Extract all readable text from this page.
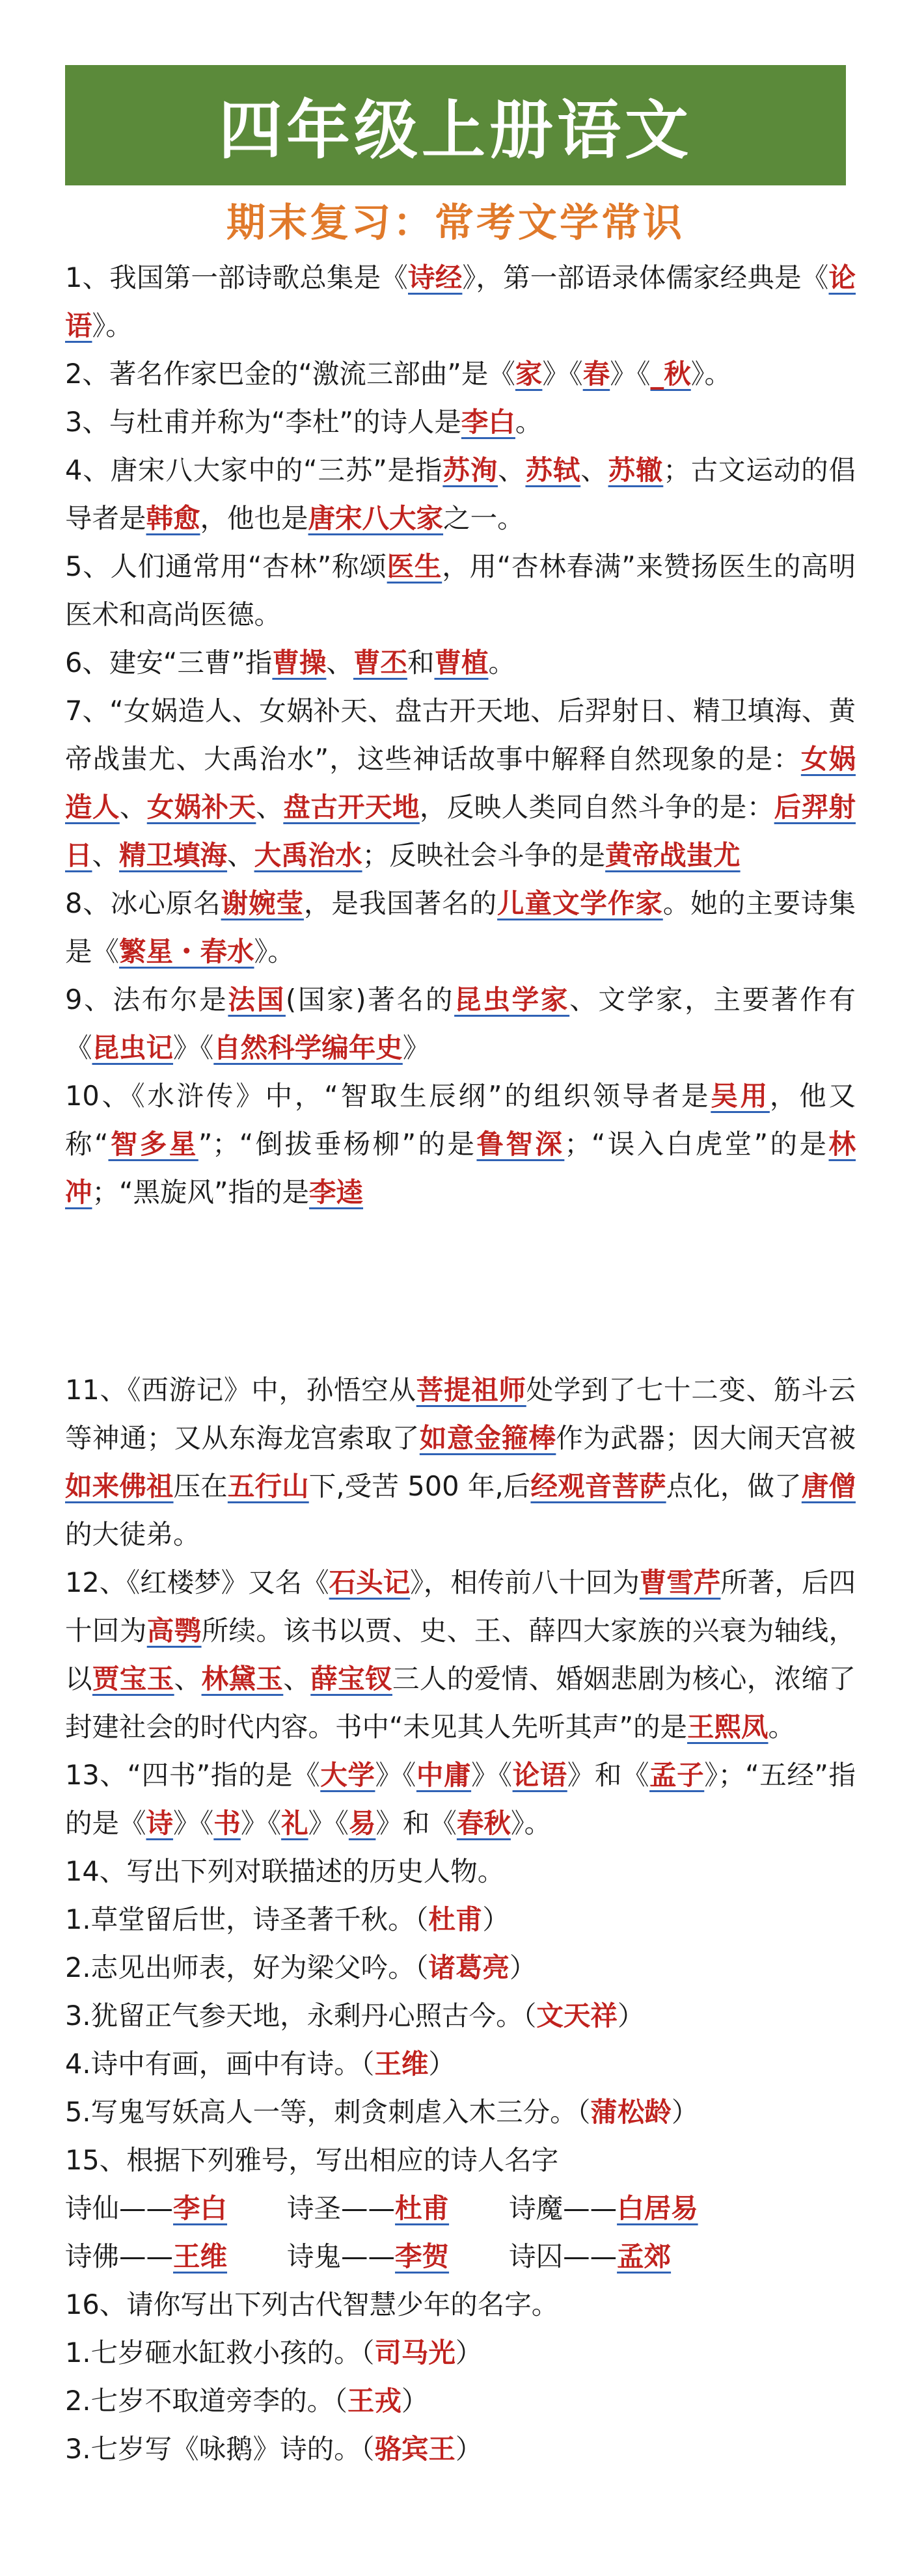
四年级上册语文
期末复习：常考文学常识

1、我国第一部诗歌总集是《诗经》，第一部语录体儒家经典是《论语》。

2、著名作家巴金的“激流三部曲”是《家》《春》《_秋》。

3、与杜甫并称为“李杜”的诗人是李白。

4、唐宋八大家中的“三苏”是指苏洵、苏轼、苏辙；古文运动的倡导者是韩愈，他也是唐宋八大家之一。

5、人们通常用“杏林”称颂医生，用“杏林春满”来赞扬医生的高明医术和高尚医德。

6、建安“三曹”指曹操、曹丕和曹植。

7、“女娲造人、女娲补天、盘古开天地、后羿射日、精卫填海、黄帝战蚩尤、大禹治水”，这些神话故事中解释自然现象的是：女娲造人、女娲补天、盘古开天地，反映人类同自然斗争的是：后羿射日、精卫填海、大禹治水；反映社会斗争的是黄帝战蚩尤

8、冰心原名谢婉莹，是我国著名的儿童文学作家。她的主要诗集是《繁星・春水》。

9、法布尔是法国(国家)著名的昆虫学家、文学家，主要著作有《昆虫记》《自然科学编年史》

10、《水浒传》中，“智取生辰纲”的组织领导者是吴用，他又称“智多星”；“倒拔垂杨柳”的是鲁智深；“误入白虎堂”的是林冲；“黑旋风”指的是李逵

11、《西游记》中，孙悟空从菩提祖师处学到了七十二变、筋斗云等神通；又从东海龙宫索取了如意金箍棒作为武器；因大闹天宫被如来佛祖压在五行山下,受苦 500 年,后经观音菩萨点化，做了唐僧的大徒弟。

12、《红楼梦》又名《石头记》，相传前八十回为曹雪芹所著，后四十回为高鹗所续。该书以贾、史、王、薛四大家族的兴衰为轴线，以贾宝玉、林黛玉、薛宝钗三人的爱情、婚姻悲剧为核心，浓缩了封建社会的时代内容。书中“未见其人先听其声”的是王熙凤。

13、“四书”指的是《大学》《中庸》《论语》和《孟子》；“五经”指的是《诗》《书》《礼》《易》和《春秋》。

14、写出下列对联描述的历史人物。

1.草堂留后世，诗圣著千秋。（杜甫）

2.志见出师表，好为梁父吟。（诸葛亮）

3.犹留正气参天地，永剩丹心照古今。（文天祥）

4.诗中有画，画中有诗。（王维）

5.写鬼写妖高人一等，刺贪刺虐入木三分。（蒲松龄）

15、根据下列雅号，写出相应的诗人名字

诗仙——李白 诗圣——杜甫 诗魔——白居易

诗佛——王维 诗鬼——李贺 诗囚——孟郊

16、请你写出下列古代智慧少年的名字。

1.七岁砸水缸救小孩的。（司马光）

2.七岁不取道旁李的。（王戎）

3.七岁写《咏鹅》诗的。（骆宾王）
